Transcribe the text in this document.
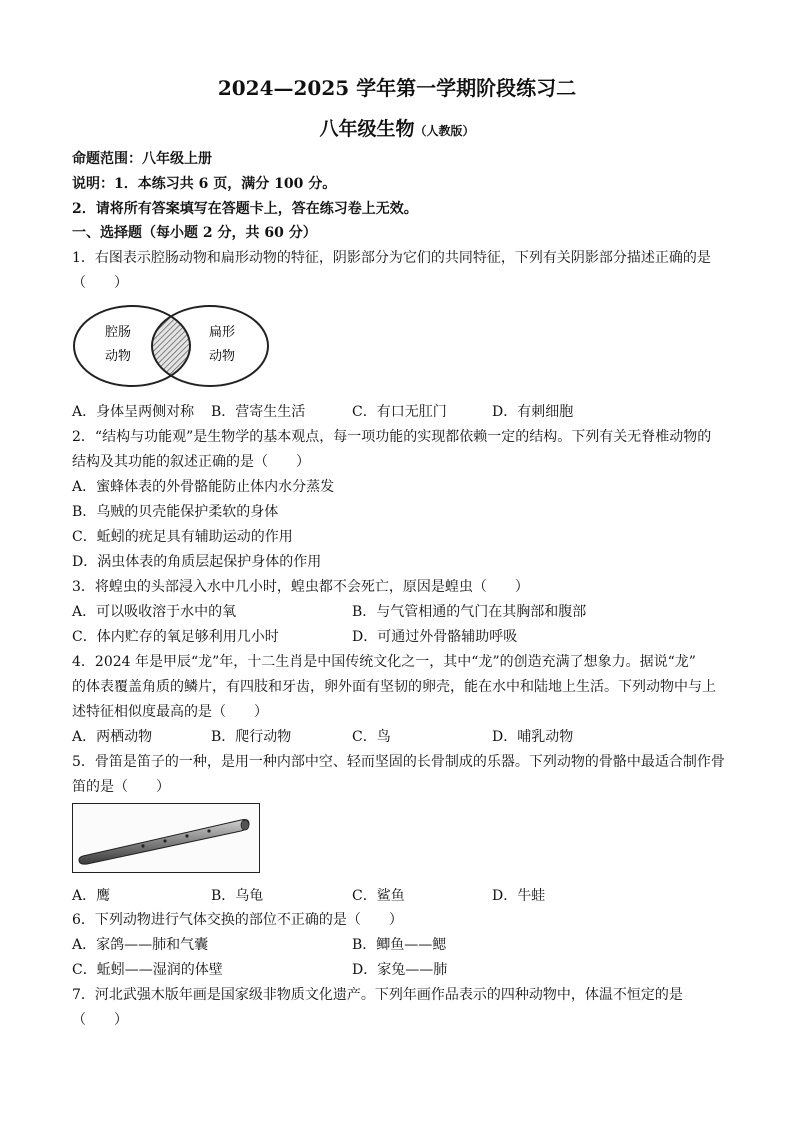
2024—2025 学年第一学期阶段练习二
八年级生物（人教版）
命题范围：八年级上册
说明：1．本练习共 6 页，满分 100 分。
2．请将所有答案填写在答题卡上，答在练习卷上无效。
一、选择题（每小题 2 分，共 60 分）
1．右图表示腔肠动物和扁形动物的特征，阴影部分为它们的共同特征，下列有关阴影部分描述正确的是
（　　）
腔肠
动物
扁形
动物
A．身体呈两侧对称 B．营寄生生活	C．有口无肛门	D．有刺细胞
2．“结构与功能观”是生物学的基本观点，每一项功能的实现都依赖一定的结构。下列有关无脊椎动物的
结构及其功能的叙述正确的是（　　）
A．蜜蜂体表的外骨骼能防止体内水分蒸发
B．乌贼的贝壳能保护柔软的身体
C．蚯蚓的疣足具有辅助运动的作用
D．涡虫体表的角质层起保护身体的作用
3．将蝗虫的头部浸入水中几小时，蝗虫都不会死亡，原因是蝗虫（　　）
A．可以吸收溶于水中的氧	B．与气管相通的气门在其胸部和腹部
C．体内贮存的氧足够利用几小时	D．可通过外骨骼辅助呼吸
4．2024 年是甲辰“龙”年，十二生肖是中国传统文化之一，其中“龙”的创造充满了想象力。据说“龙”
的体表覆盖角质的鳞片，有四肢和牙齿，卵外面有坚韧的卵壳，能在水中和陆地上生活。下列动物中与上
述特征相似度最高的是（　　）
A．两栖动物	B．爬行动物	C．鸟	D．哺乳动物
5．骨笛是笛子的一种，是用一种内部中空、轻而坚固的长骨制成的乐器。下列动物的骨骼中最适合制作骨
笛的是（　　）
A．鹰	B．乌龟	C．鲨鱼	D．牛蛙
6．下列动物进行气体交换的部位不正确的是（　　）
A．家鸽——肺和气囊	B．鲫鱼——鳃
C．蚯蚓——湿润的体壁	D．家兔——肺
7．河北武强木版年画是国家级非物质文化遗产。下列年画作品表示的四种动物中，体温不恒定的是
（　　）
